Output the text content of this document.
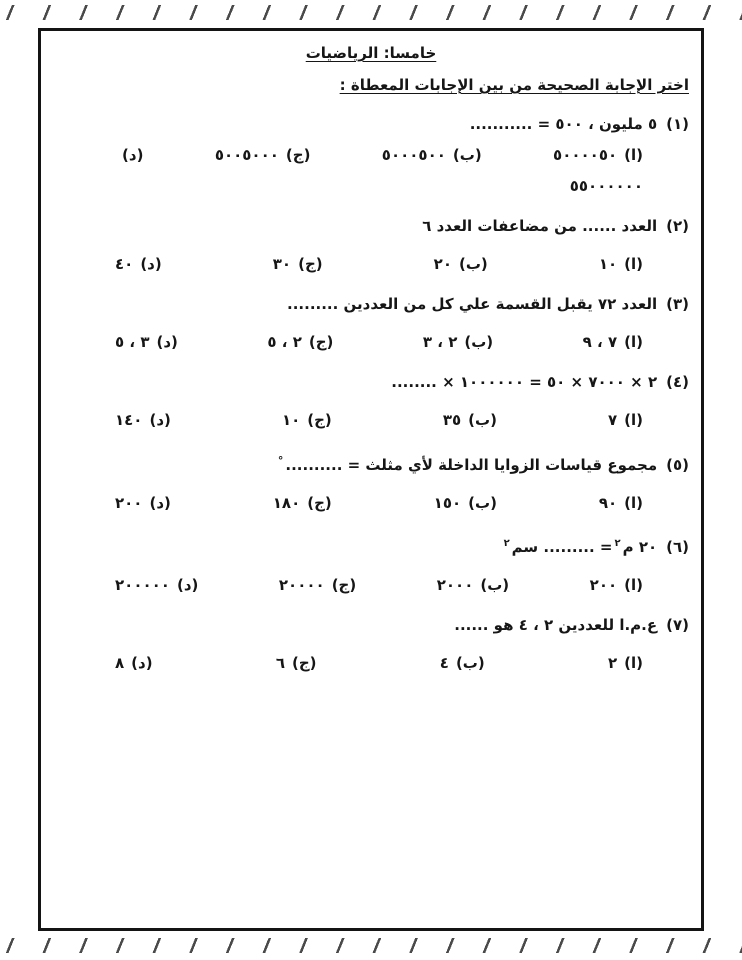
خامسا: الرياضيات
اختر الإجابة الصحيحة من بين الإجابات المعطاة :
(١)٥ مليون ، ٥٠٠ = ...........
(ا)٥٠٠٠٠٥٠
(ب)٥٠٠٠٥٠٠
(ج)٥٠٠٥٠٠٠
(د)
٥٥٠٠٠٠٠٠
(٢)العدد ...... من مضاعفات العدد ٦
(ا)١٠
(ب)٢٠
(ج)٣٠
(د)٤٠
(٣)العدد ٧٢ يقبل القسمة علي كل من العددين .........
(ا)٧ ، ٩
(ب)٢ ، ٣
(ج)٢ ، ٥
(د)٣ ، ٥
(٤)٢ × ٧٠٠٠ × ٥٠ = ١٠٠٠٠٠٠ × ........
(ا)٧
(ب)٣٥
(ج)١٠
(د)١٤٠
(٥)مجموع قياسات الزوايا الداخلة لأي مثلث = ..........°
(ا)٩٠
(ب)١٥٠
(ج)١٨٠
(د)٢٠٠
(٦)٢٠ م$^٢$= ......... سم$^٢$
(ا)٢٠٠
(ب)٢٠٠٠
(ج)٢٠٠٠٠
(د)٢٠٠٠٠٠
(٧)ع.م.ا للعددين ٢ ، ٤ هو ......
(ا)٢
(ب)٤
(ج)٦
(د)٨
